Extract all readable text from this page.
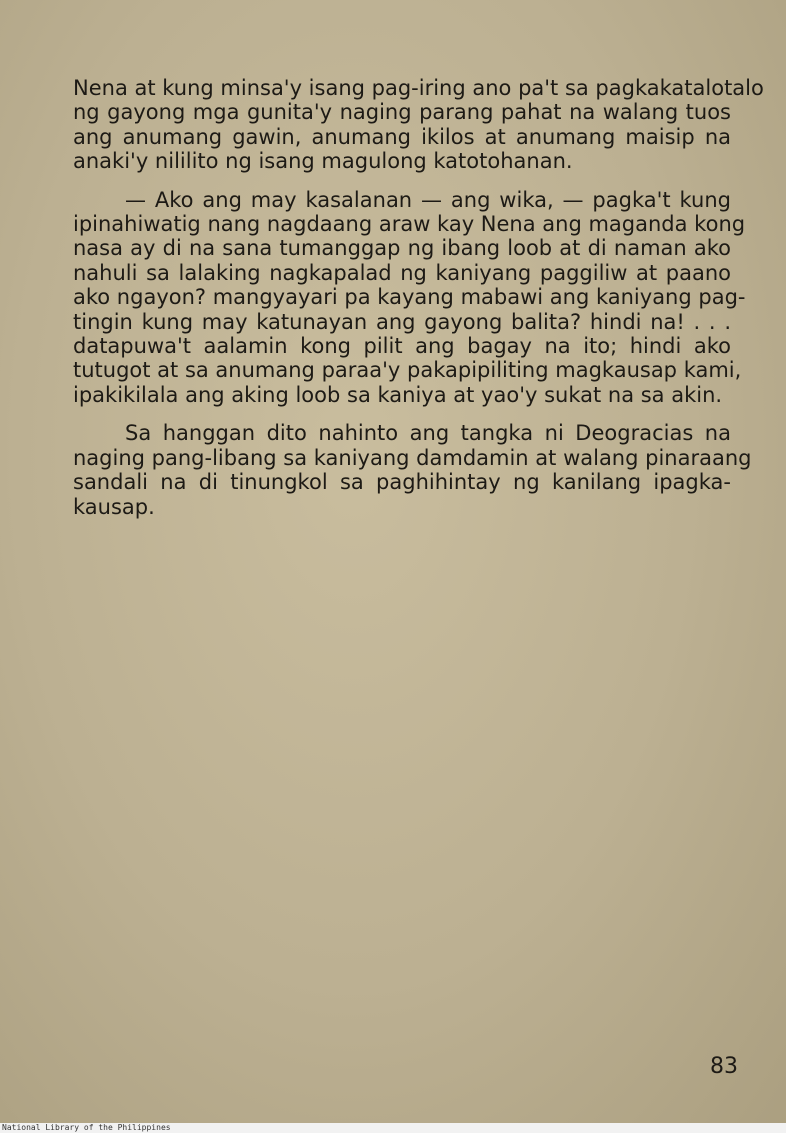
Nena at kung minsa'y isang pag-iring ano pa't sa pagkakatalotalo
ng gayong mga gunita'y naging parang pahat na walang tuos
ang anumang gawin, anumang ikilos at anumang maisip na
anaki'y nililito ng isang magulong katotohanan.

— Ako ang may kasalanan — ang wika, — pagka't kung
ipinahiwatig nang nagdaang araw kay Nena ang maganda kong
nasa ay di na sana tumanggap ng ibang loob at di naman ako
nahuli sa lalaking nagkapalad ng kaniyang paggiliw at paano
ako ngayon? mangyayari pa kayang mabawi ang kaniyang pag-
tingin kung may katunayan ang gayong balita? hindi na! . . .
datapuwa't aalamin kong pilit ang bagay na ito; hindi ako
tutugot at sa anumang paraa'y pakapipiliting magkausap kami,
ipakikilala ang aking loob sa kaniya at yao'y sukat na sa akin.

Sa hanggan dito nahinto ang tangka ni Deogracias na
naging pang-libang sa kaniyang damdamin at walang pinaraang
sandali na di tinungkol sa paghihintay ng kanilang ipagka-
kausap.

83
National Library of the Philippines
